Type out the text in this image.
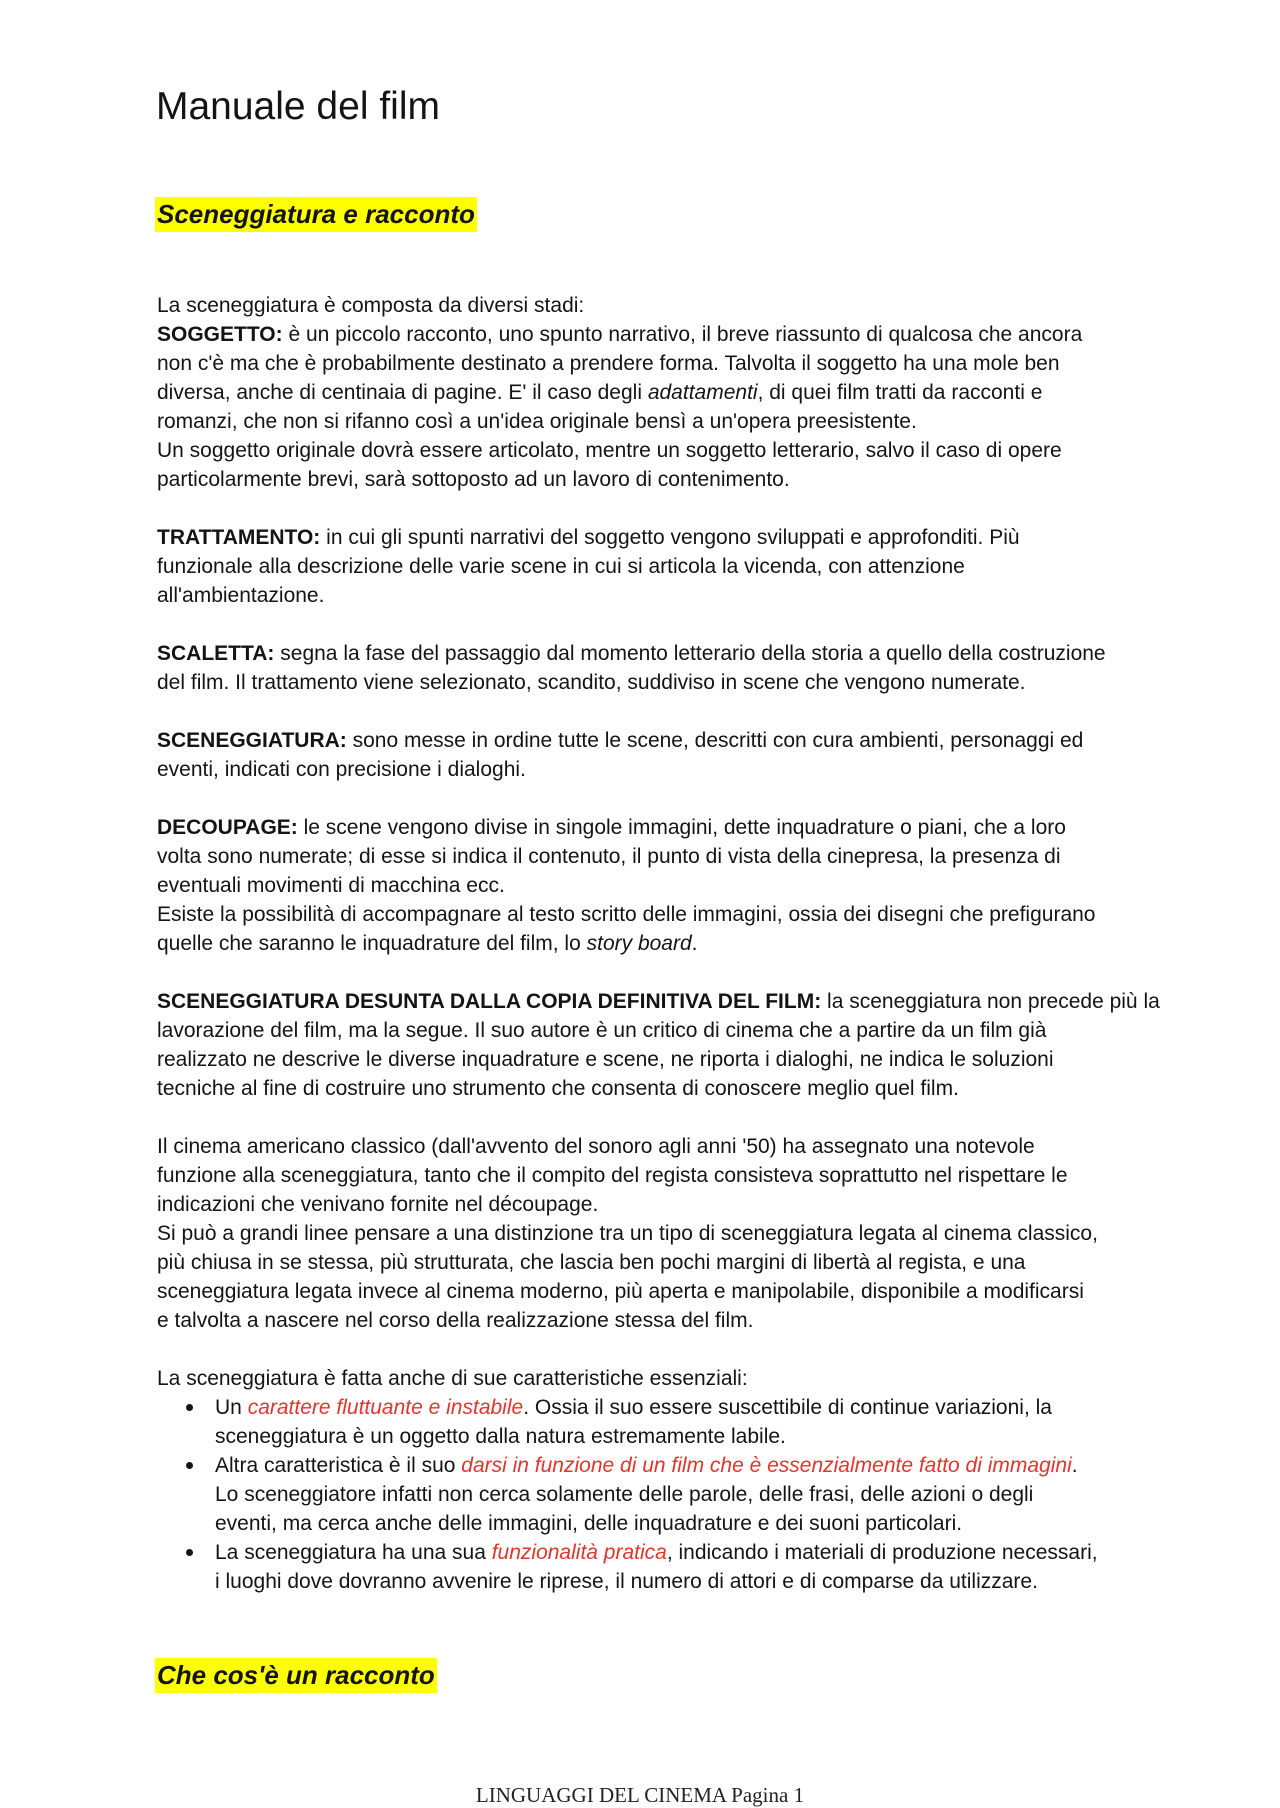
Manuale del film
Sceneggiatura e racconto

La sceneggiatura è composta da diversi stadi:

SOGGETTO: è un piccolo racconto, uno spunto narrativo, il breve riassunto di qualcosa che ancora
non c'è ma che è probabilmente destinato a prendere forma. Talvolta il soggetto ha una mole ben
diversa, anche di centinaia di pagine. E' il caso degli adattamenti, di quei film tratti da racconti e
romanzi, che non si rifanno così a un'idea originale bensì a un'opera preesistente.

Un soggetto originale dovrà essere articolato, mentre un soggetto letterario, salvo il caso di opere
particolarmente brevi, sarà sottoposto ad un lavoro di contenimento.

TRATTAMENTO: in cui gli spunti narrativi del soggetto vengono sviluppati e approfonditi. Più
funzionale alla descrizione delle varie scene in cui si articola la vicenda, con attenzione
all'ambientazione.

SCALETTA: segna la fase del passaggio dal momento letterario della storia a quello della costruzione
del film. Il trattamento viene selezionato, scandito, suddiviso in scene che vengono numerate.

SCENEGGIATURA: sono messe in ordine tutte le scene, descritti con cura ambienti, personaggi ed
eventi, indicati con precisione i dialoghi.

DECOUPAGE: le scene vengono divise in singole immagini, dette inquadrature o piani, che a loro
volta sono numerate; di esse si indica il contenuto, il punto di vista della cinepresa, la presenza di
eventuali movimenti di macchina ecc.

Esiste la possibilità di accompagnare al testo scritto delle immagini, ossia dei disegni che prefigurano
quelle che saranno le inquadrature del film, lo story board.

SCENEGGIATURA DESUNTA DALLA COPIA DEFINITIVA DEL FILM: la sceneggiatura non precede più la
lavorazione del film, ma la segue. Il suo autore è un critico di cinema che a partire da un film già
realizzato ne descrive le diverse inquadrature e scene, ne riporta i dialoghi, ne indica le soluzioni
tecniche al fine di costruire uno strumento che consenta di conoscere meglio quel film.

Il cinema americano classico (dall'avvento del sonoro agli anni '50) ha assegnato una notevole
funzione alla sceneggiatura, tanto che il compito del regista consisteva soprattutto nel rispettare le
indicazioni che venivano fornite nel découpage.

Si può a grandi linee pensare a una distinzione tra un tipo di sceneggiatura legata al cinema classico,
più chiusa in se stessa, più strutturata, che lascia ben pochi margini di libertà al regista, e una
sceneggiatura legata invece al cinema moderno, più aperta e manipolabile, disponibile a modificarsi
e talvolta a nascere nel corso della realizzazione stessa del film.

La sceneggiatura è fatta anche di sue caratteristiche essenziali:

Un carattere fluttuante e instabile. Ossia il suo essere suscettibile di continue variazioni, la
sceneggiatura è un oggetto dalla natura estremamente labile.
Altra caratteristica è il suo darsi in funzione di un film che è essenzialmente fatto di immagini.
Lo sceneggiatore infatti non cerca solamente delle parole, delle frasi, delle azioni o degli
eventi, ma cerca anche delle immagini, delle inquadrature e dei suoni particolari.
La sceneggiatura ha una sua funzionalità pratica, indicando i materiali di produzione necessari,
i luoghi dove dovranno avvenire le riprese, il numero di attori e di comparse da utilizzare.
Che cos'è un racconto
LINGUAGGI DEL CINEMA Pagina 1
